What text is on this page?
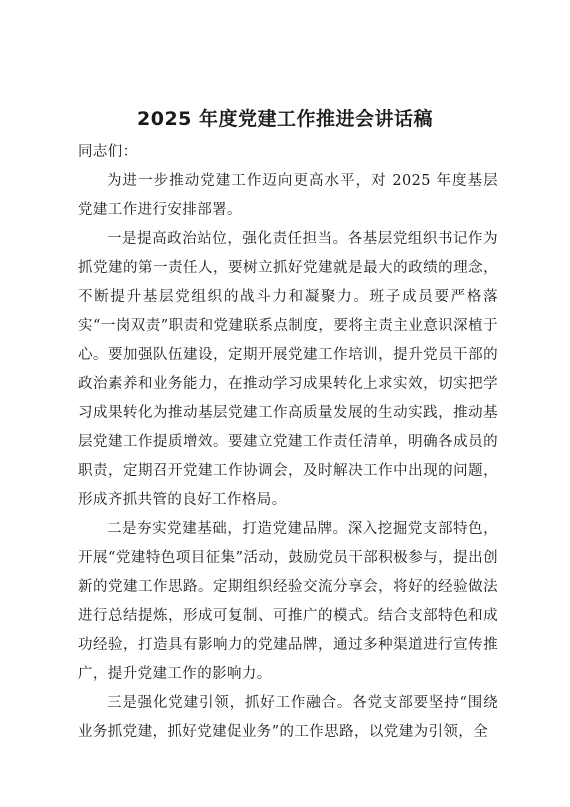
2025 年度党建工作推进会讲话稿

同志们：

为进一步推动党建工作迈向更高水平，对 2025 年度基层党建工作进行安排部署。

一是提高政治站位，强化责任担当。各基层党组织书记作为抓党建的第一责任人，要树立抓好党建就是最大的政绩的理念，不断提升基层党组织的战斗力和凝聚力。班子成员要严格落实“一岗双责”职责和党建联系点制度，要将主责主业意识深植于心。要加强队伍建设，定期开展党建工作培训，提升党员干部的政治素养和业务能力，在推动学习成果转化上求实效，切实把学习成果转化为推动基层党建工作高质量发展的生动实践，推动基层党建工作提质增效。要建立党建工作责任清单，明确各成员的职责，定期召开党建工作协调会，及时解决工作中出现的问题，形成齐抓共管的良好工作格局。

二是夯实党建基础，打造党建品牌。深入挖掘党支部特色，开展“党建特色项目征集”活动，鼓励党员干部积极参与，提出创新的党建工作思路。定期组织经验交流分享会，将好的经验做法进行总结提炼，形成可复制、可推广的模式。结合支部特色和成功经验，打造具有影响力的党建品牌，通过多种渠道进行宣传推广，提升党建工作的影响力。

三是强化党建引领，抓好工作融合。各党支部要坚持“围绕业务抓党建，抓好党建促业务”的工作思路，以党建为引领，全
